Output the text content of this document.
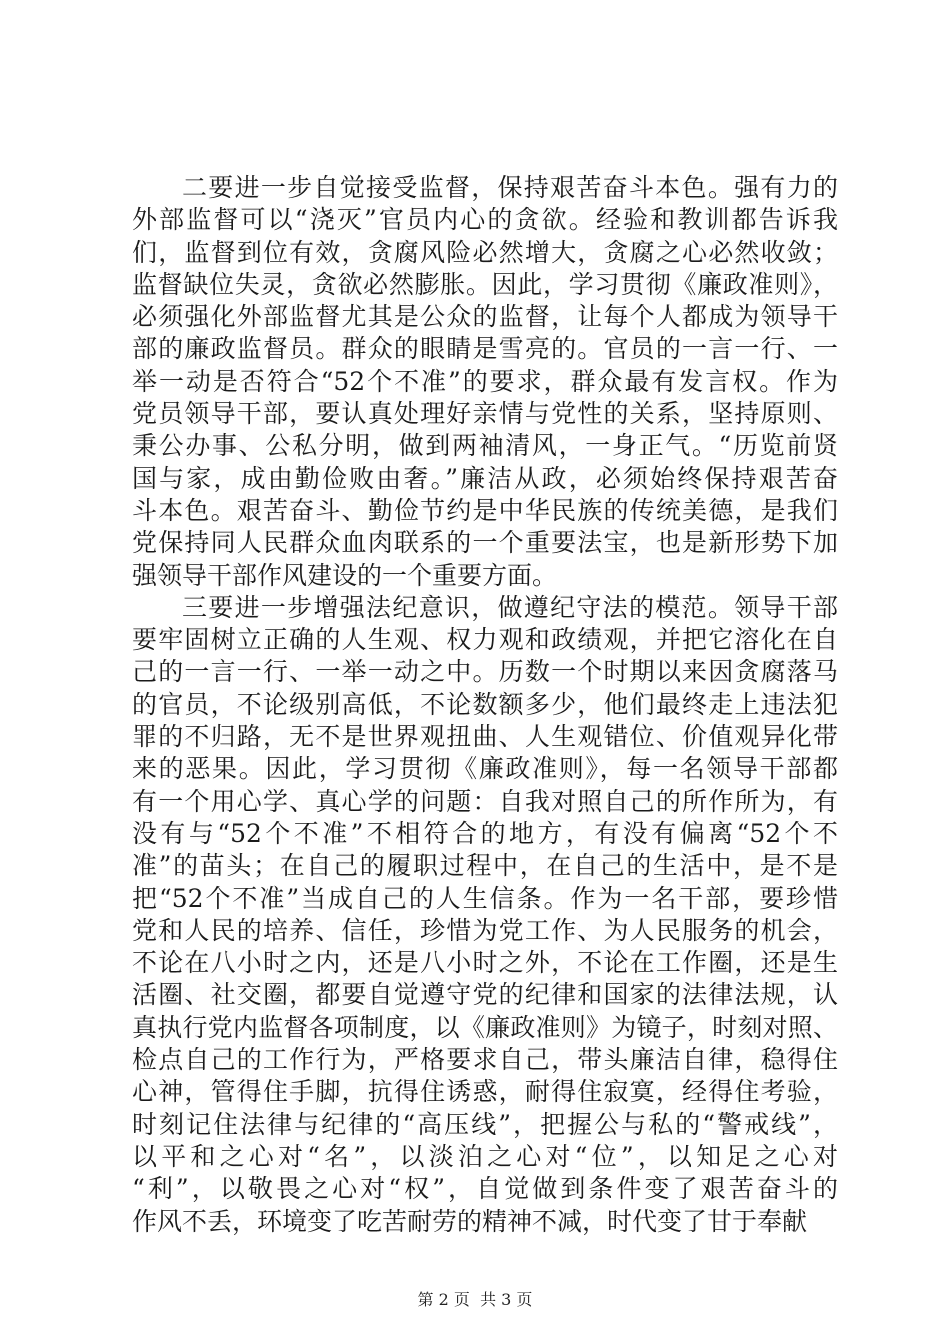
二要进一步自觉接受监督，保持艰苦奋斗本色。强有力的
外部监督可以“浇灭”官员内心的贪欲。经验和教训都告诉我
们，监督到位有效，贪腐风险必然增大，贪腐之心必然收敛；
监督缺位失灵，贪欲必然膨胀。因此，学习贯彻《廉政准则》，
必须强化外部监督尤其是公众的监督，让每个人都成为领导干
部的廉政监督员。群众的眼睛是雪亮的。官员的一言一行、一
举一动是否符合“52个不准”的要求，群众最有发言权。作为
党员领导干部，要认真处理好亲情与党性的关系，坚持原则、
秉公办事、公私分明，做到两袖清风，一身正气。“历览前贤
国与家，成由勤俭败由奢。”廉洁从政，必须始终保持艰苦奋
斗本色。艰苦奋斗、勤俭节约是中华民族的传统美德，是我们
党保持同人民群众血肉联系的一个重要法宝，也是新形势下加
强领导干部作风建设的一个重要方面。
三要进一步增强法纪意识，做遵纪守法的模范。领导干部
要牢固树立正确的人生观、权力观和政绩观，并把它溶化在自
己的一言一行、一举一动之中。历数一个时期以来因贪腐落马
的官员，不论级别高低，不论数额多少，他们最终走上违法犯
罪的不归路，无不是世界观扭曲、人生观错位、价值观异化带
来的恶果。因此，学习贯彻《廉政准则》，每一名领导干部都
有一个用心学、真心学的问题：自我对照自己的所作所为，有
没有与“52个不准”不相符合的地方，有没有偏离“52个不
准”的苗头；在自己的履职过程中，在自己的生活中，是不是
把“52个不准”当成自己的人生信条。作为一名干部，要珍惜
党和人民的培养、信任，珍惜为党工作、为人民服务的机会，
不论在八小时之内，还是八小时之外，不论在工作圈，还是生
活圈、社交圈，都要自觉遵守党的纪律和国家的法律法规，认
真执行党内监督各项制度，以《廉政准则》为镜子，时刻对照、
检点自己的工作行为，严格要求自己，带头廉洁自律，稳得住
心神，管得住手脚，抗得住诱惑，耐得住寂寞，经得住考验，
时刻记住法律与纪律的“高压线”，把握公与私的“警戒线”，
以平和之心对“名”，以淡泊之心对“位”，以知足之心对
“利”，以敬畏之心对“权”，自觉做到条件变了艰苦奋斗的
作风不丢，环境变了吃苦耐劳的精神不减，时代变了甘于奉献
第 2 页  共 3 页
